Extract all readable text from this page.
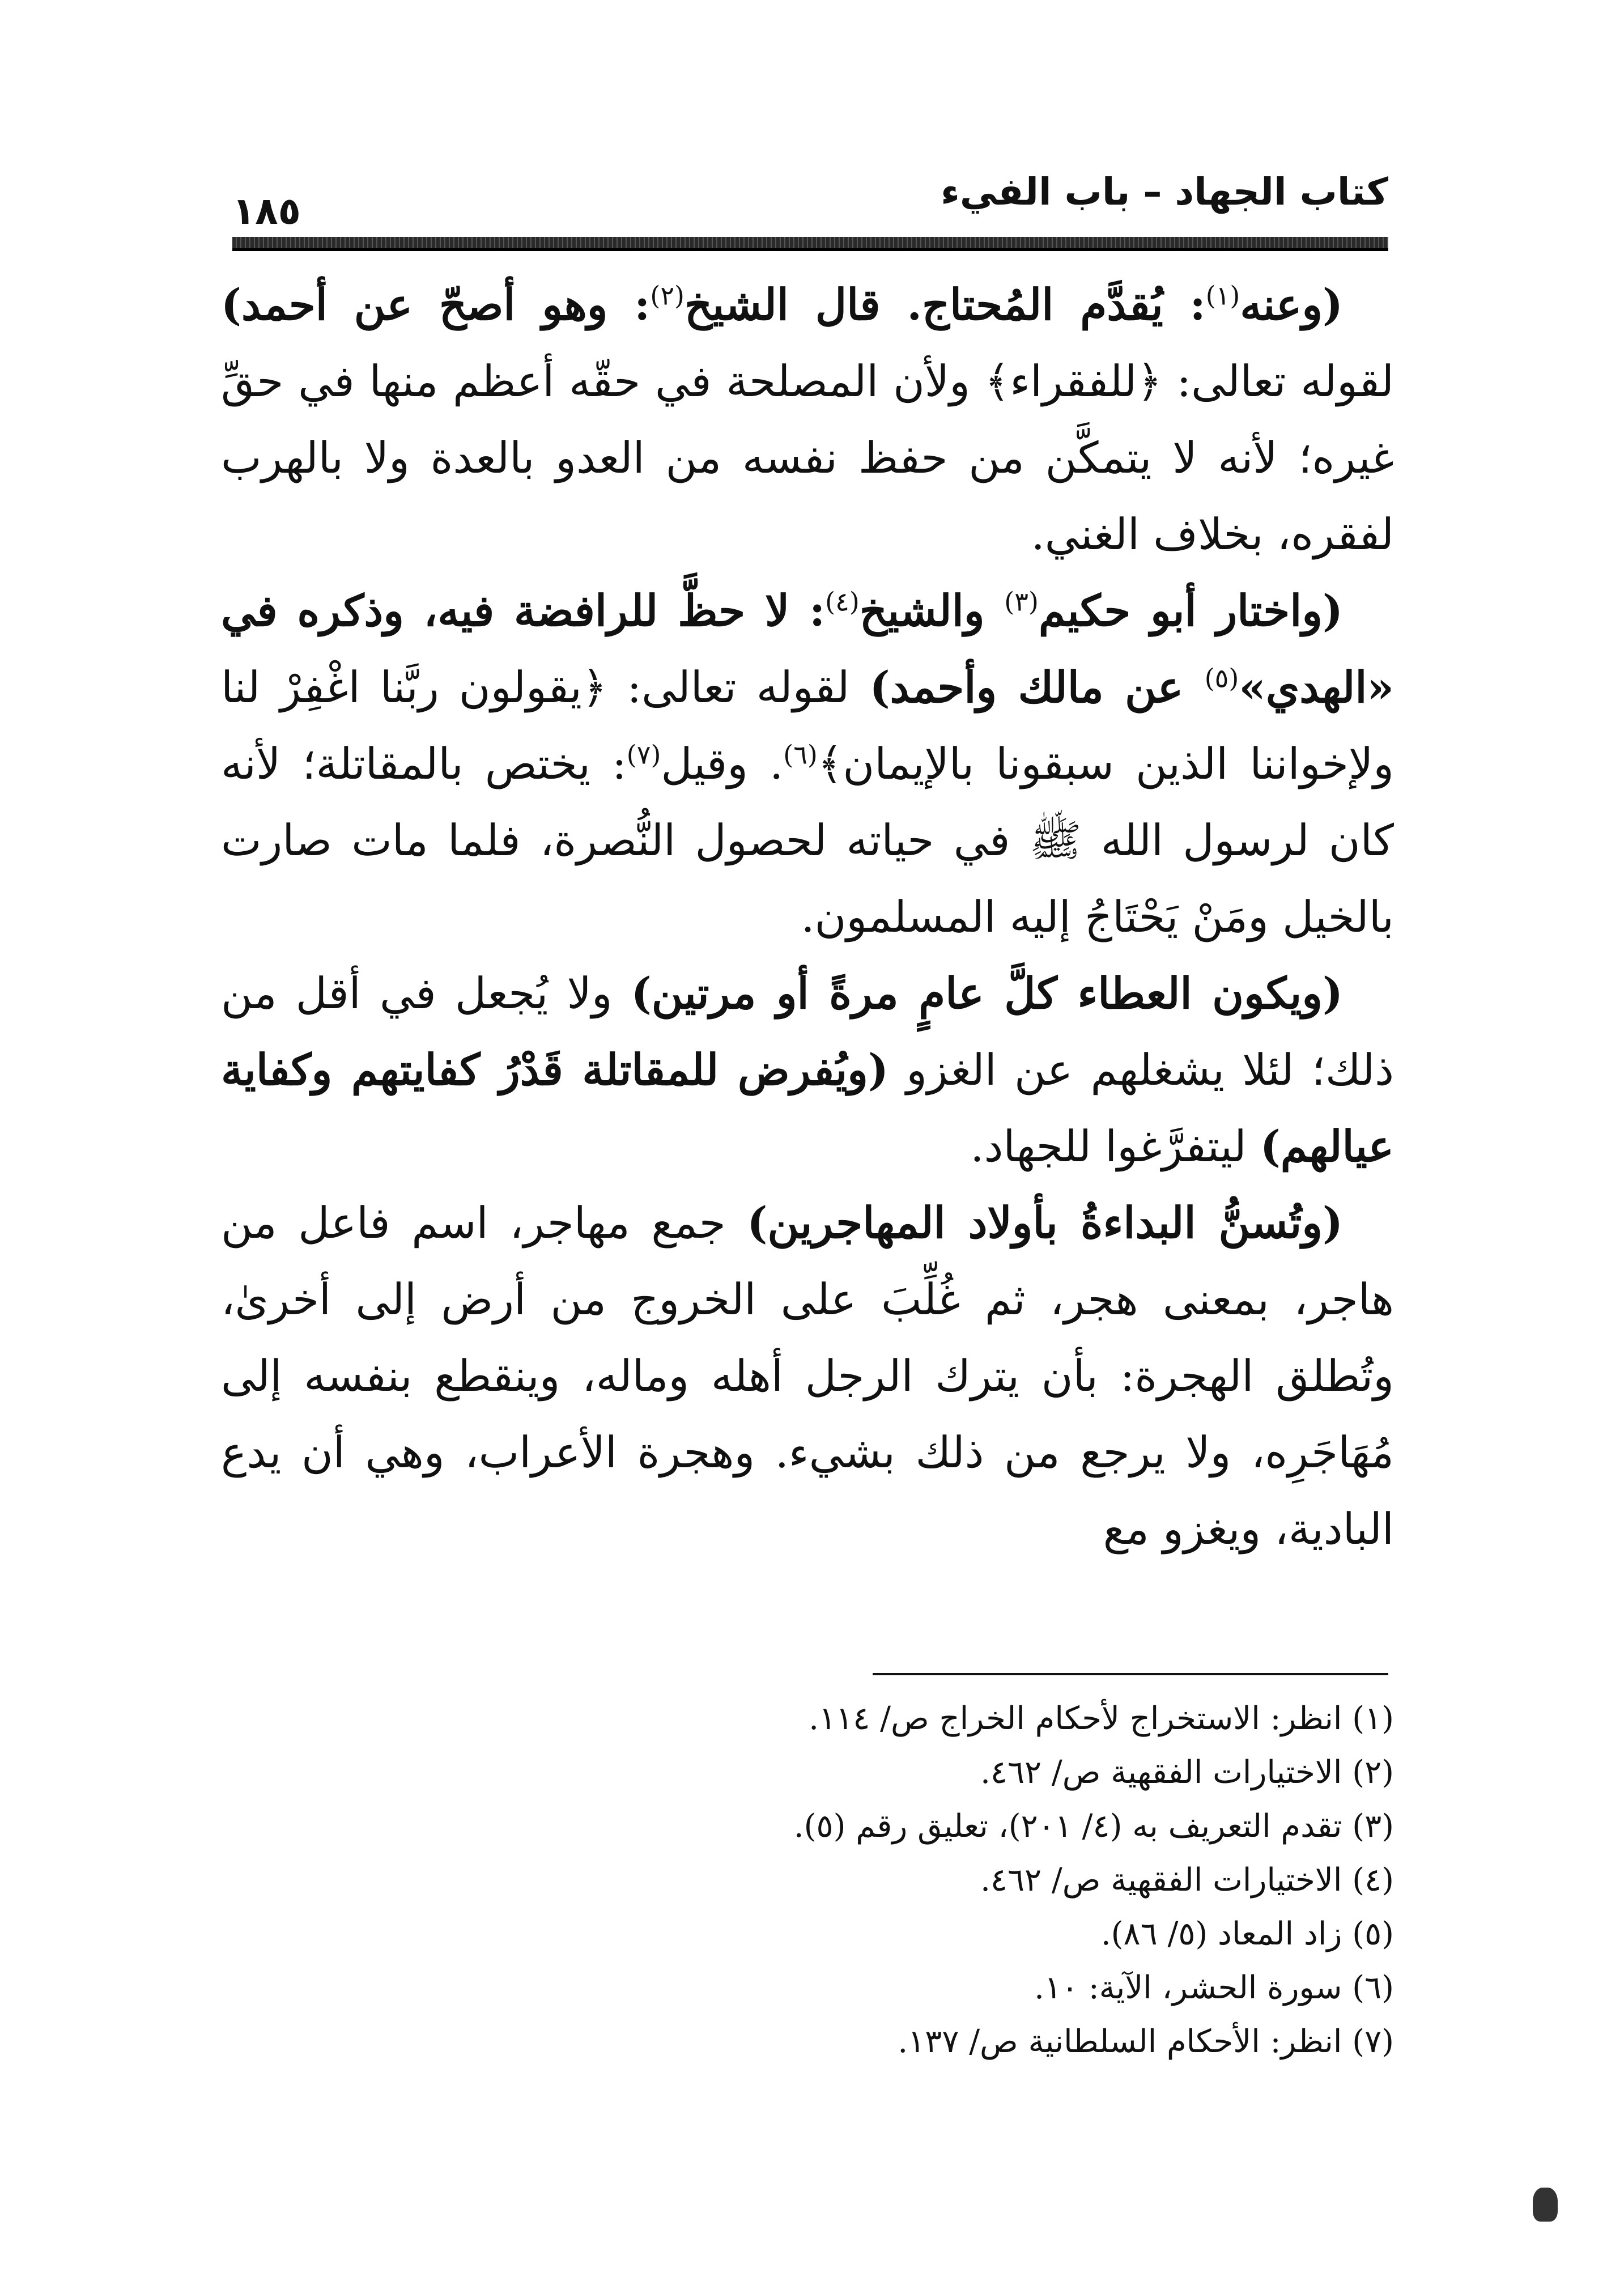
كتاب الجهاد – باب الفيء
١٨٥

(وعنه$^{(١)}$: يُقدَّم المُحتاج. قال الشيخ$^{(٢)}$: وهو أصحّ عن أحمد) لقوله تعالى: ﴿للفقراء﴾ ولأن المصلحة في حقّه أعظم منها في حقِّ غيره؛ لأنه لا يتمكَّن من حفظ نفسه من العدو بالعدة ولا بالهرب لفقره، بخلاف الغني.

(واختار أبو حكيم$^{(٣)}$ والشيخ$^{(٤)}$: لا حظَّ للرافضة فيه، وذكره في «الهدي»$^{(٥)}$ عن مالك وأحمد) لقوله تعالى: ﴿يقولون ربَّنا اغْفِرْ لنا ولإخواننا الذين سبقونا بالإيمان﴾$^{(٦)}$. وقيل$^{(٧)}$: يختص بالمقاتلة؛ لأنه كان لرسول الله ﷺ في حياته لحصول النُّصرة، فلما مات صارت بالخيل ومَنْ يَحْتَاجُ إليه المسلمون.

(ويكون العطاء كلَّ عامٍ مرةً أو مرتين) ولا يُجعل في أقل من ذلك؛ لئلا يشغلهم عن الغزو (ويُفرض للمقاتلة قَدْرُ كفايتهم وكفاية عيالهم) ليتفرَّغوا للجهاد.

(وتُسنُّ البداءةُ بأولاد المهاجرين) جمع مهاجر، اسم فاعل من هاجر، بمعنى هجر، ثم غُلِّبَ على الخروج من أرض إلى أخرىٰ، وتُطلق الهجرة: بأن يترك الرجل أهله وماله، وينقطع بنفسه إلى مُهَاجَرِه، ولا يرجع من ذلك بشيء. وهجرة الأعراب، وهي أن يدع البادية، ويغزو مع

(١) انظر: الاستخراج لأحكام الخراج ص/ ١١٤.

(٢) الاختيارات الفقهية ص/ ٤٦٢.

(٣) تقدم التعريف به (٤/ ٢٠١)، تعليق رقم (٥).

(٤) الاختيارات الفقهية ص/ ٤٦٢.

(٥) زاد المعاد (٥/ ٨٦).

(٦) سورة الحشر، الآية: ١٠.

(٧) انظر: الأحكام السلطانية ص/ ١٣٧.
